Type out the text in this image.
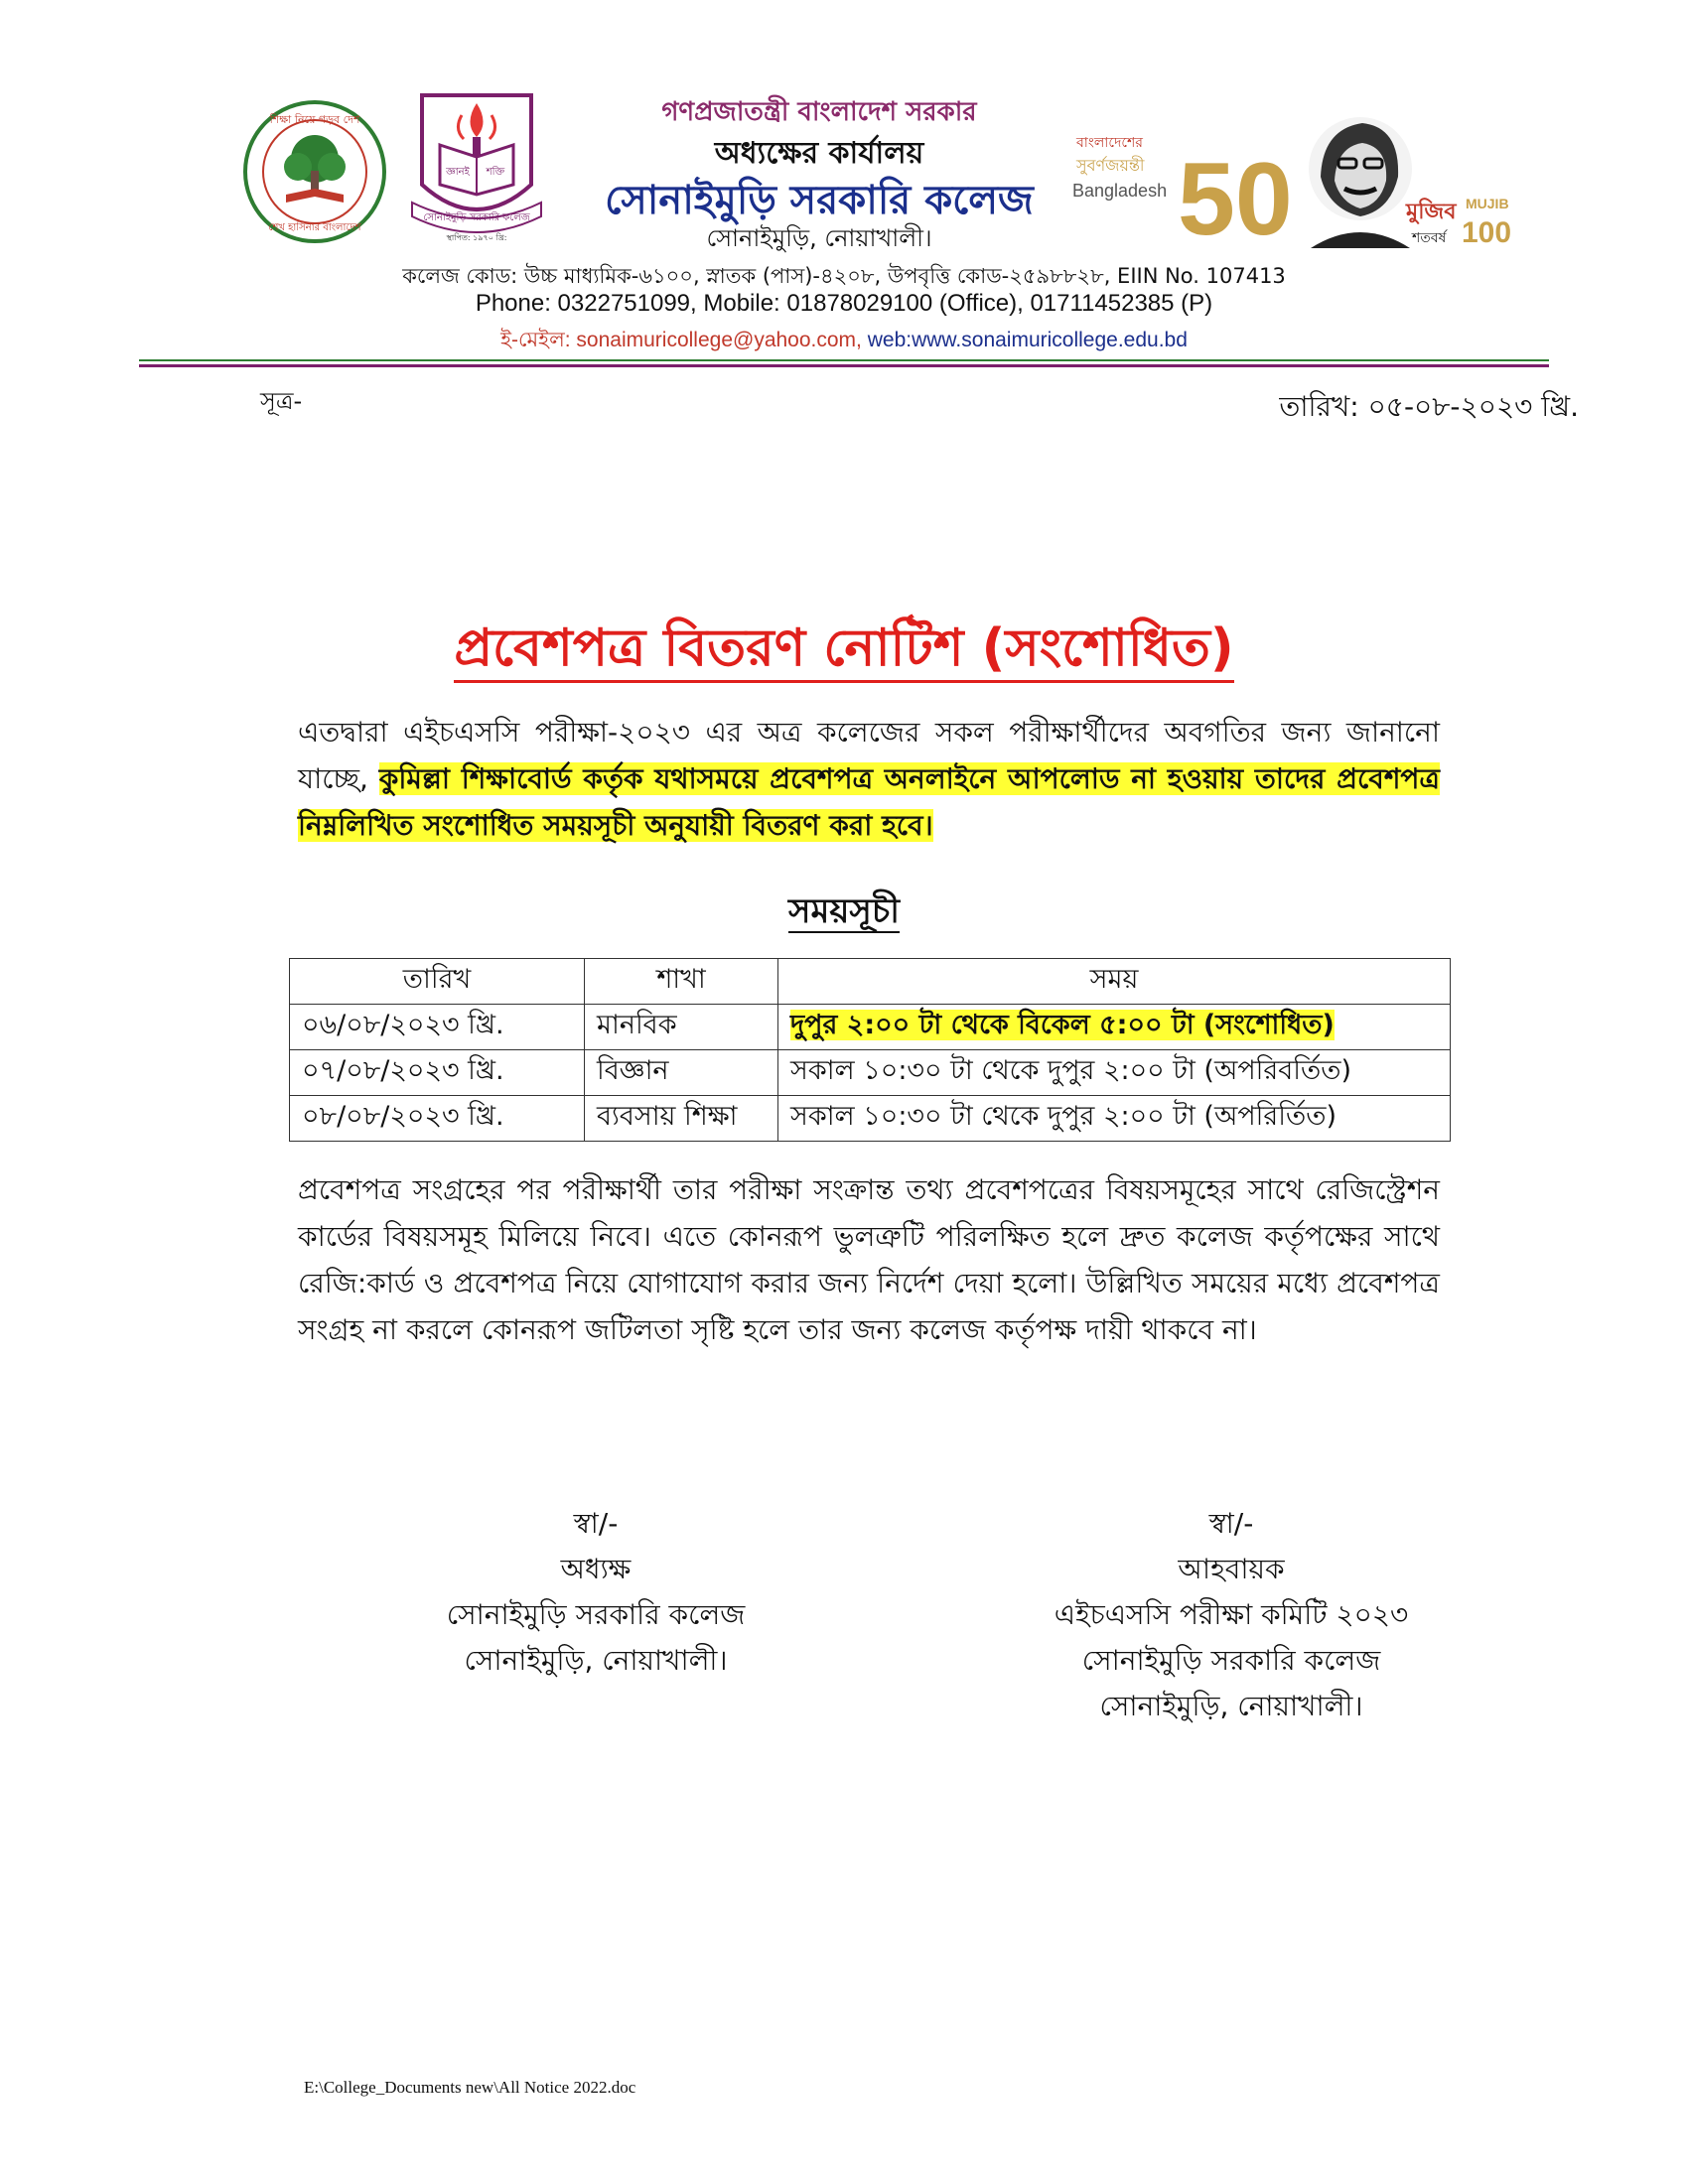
শিক্ষা নিয়ে গড়ব দেশ
শেখ হাসিনার বাংলাদেশ
জ্ঞানই শক্তি
সোনাইমুড়ি সরকারি কলেজ
স্থাপিত: ১৯৭০ খ্রি:
গণপ্রজাতন্ত্রী বাংলাদেশ সরকার
অধ্যক্ষের কার্যালয়
সোনাইমুড়ি সরকারি কলেজ
সোনাইমুড়ি, নোয়াখালী।
বাংলাদেশের
সুবর্ণজয়ন্তী
Bangladesh 50	মুজিব
শতবর্ষ
MUJIB
100
কলেজ কোড: উচ্চ মাধ্যমিক-৬১০০, স্নাতক (পাস)-৪২০৮, উপবৃত্তি কোড-২৫৯৮৮২৮, EIIN No. 107413
Phone: 0322751099, Mobile: 01878029100 (Office), 01711452385 (P)
ই-মেইল: sonaimuricollege@yahoo.com, web:www.sonaimuricollege.edu.bd
সূত্র-	তারিখ: ০৫-০৮-২০২৩ খ্রি.
প্রবেশপত্র বিতরণ নোটিশ (সংশোধিত)
এতদ্বারা এইচএসসি পরীক্ষা-২০২৩ এর অত্র কলেজের সকল পরীক্ষার্থীদের অবগতির জন্য জানানো যাচ্ছে, কুমিল্লা শিক্ষাবোর্ড কর্তৃক যথাসময়ে প্রবেশপত্র অনলাইনে আপলোড না হওয়ায় তাদের প্রবেশপত্র নিম্নলিখিত সংশোধিত সময়সূচী অনুযায়ী বিতরণ করা হবে।
সময়সূচী
তারিখ	শাখা	সময়
০৬/০৮/২০২৩ খ্রি.	মানবিক	দুপুর ২:০০ টা থেকে বিকেল ৫:০০ টা (সংশোধিত)
০৭/০৮/২০২৩ খ্রি.	বিজ্ঞান	সকাল ১০:৩০ টা থেকে দুপুর ২:০০ টা (অপরিবর্তিত)
০৮/০৮/২০২৩ খ্রি.	ব্যবসায় শিক্ষা	সকাল ১০:৩০ টা থেকে দুপুর ২:০০ টা (অপরির্তিত)
প্রবেশপত্র সংগ্রহের পর পরীক্ষার্থী তার পরীক্ষা সংক্রান্ত তথ্য প্রবেশপত্রের বিষয়সমূহের সাথে রেজিস্ট্রেশন কার্ডের বিষয়সমূহ মিলিয়ে নিবে। এতে কোনরূপ ভুলত্রুটি পরিলক্ষিত হলে দ্রুত কলেজ কর্তৃপক্ষের সাথে রেজি:কার্ড ও প্রবেশপত্র নিয়ে যোগাযোগ করার জন্য নির্দেশ দেয়া হলো। উল্লিখিত সময়ের মধ্যে প্রবেশপত্র সংগ্রহ না করলে কোনরূপ জটিলতা সৃষ্টি হলে তার জন্য কলেজ কর্তৃপক্ষ দায়ী থাকবে না।
স্বা/-
অধ্যক্ষ
সোনাইমুড়ি সরকারি কলেজ
সোনাইমুড়ি, নোয়াখালী।
স্বা/-
আহবায়ক
এইচএসসি পরীক্ষা কমিটি ২০২৩
সোনাইমুড়ি সরকারি কলেজ
সোনাইমুড়ি, নোয়াখালী।
E:\College_Documents new\All Notice 2022.doc
